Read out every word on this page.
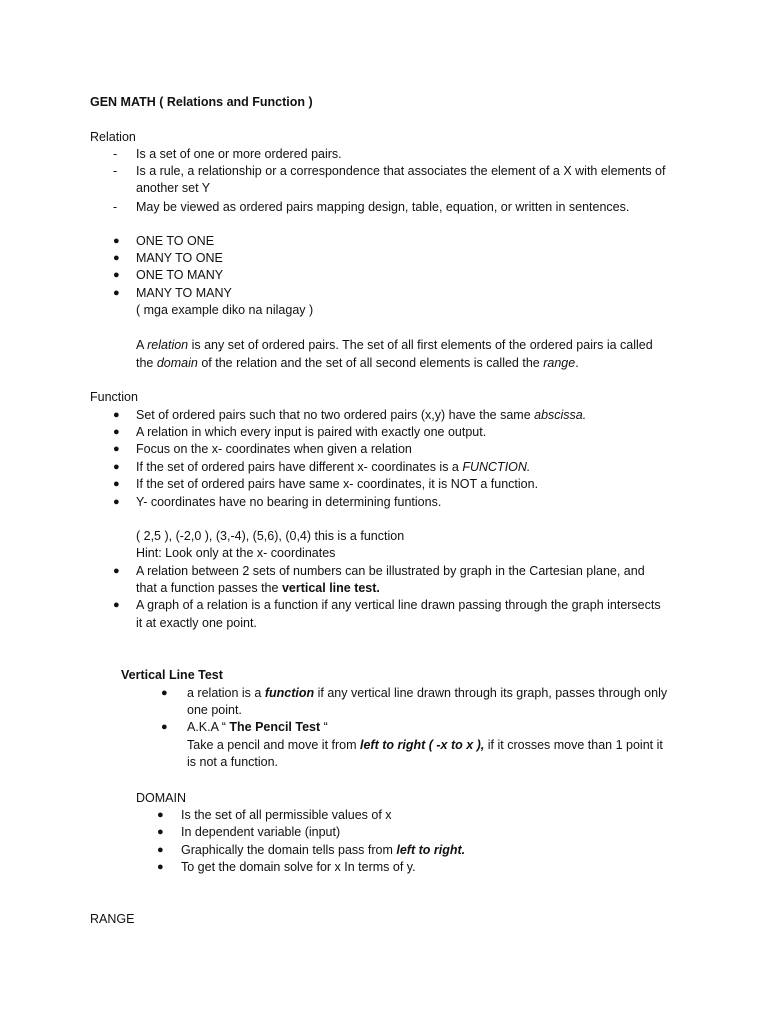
GEN MATH ( Relations and Function )
Relation
- Is a set of one or more ordered pairs.
- Is a rule, a relationship or a correspondence that associates the element of a X with elements of
another set Y
- May be viewed as ordered pairs mapping design, table, equation, or written in sentences.
● ONE TO ONE
● MANY TO ONE
● ONE TO MANY
● MANY TO MANY
( mga example diko na nilagay )
A relation is any set of ordered pairs. The set of all first elements of the ordered pairs ia called
the domain of the relation and the set of all second elements is called the range.
Function
● Set of ordered pairs such that no two ordered pairs (x,y) have the same abscissa.
● A relation in which every input is paired with exactly one output.
● Focus on the x- coordinates when given a relation
● If the set of ordered pairs have different x- coordinates is a FUNCTION.
● If the set of ordered pairs have same x- coordinates, it is NOT a function.
● Y- coordinates have no bearing in determining funtions.
( 2,5 ), (-2,0 ), (3,-4), (5,6), (0,4) this is a function
Hint: Look only at the x- coordinates
● A relation between 2 sets of numbers can be illustrated by graph in the Cartesian plane, and
that a function passes the vertical line test.
● A graph of a relation is a function if any vertical line drawn passing through the graph intersects
it at exactly one point.
Vertical Line Test
● a relation is a function if any vertical line drawn through its graph, passes through only
one point.
● A.K.A “ The Pencil Test “
Take a pencil and move it from left to right ( -x to x ), if it crosses move than 1 point it
is not a function.
DOMAIN
● Is the set of all permissible values of x
● In dependent variable (input)
● Graphically the domain tells pass from left to right.
● To get the domain solve for x In terms of y.
RANGE
